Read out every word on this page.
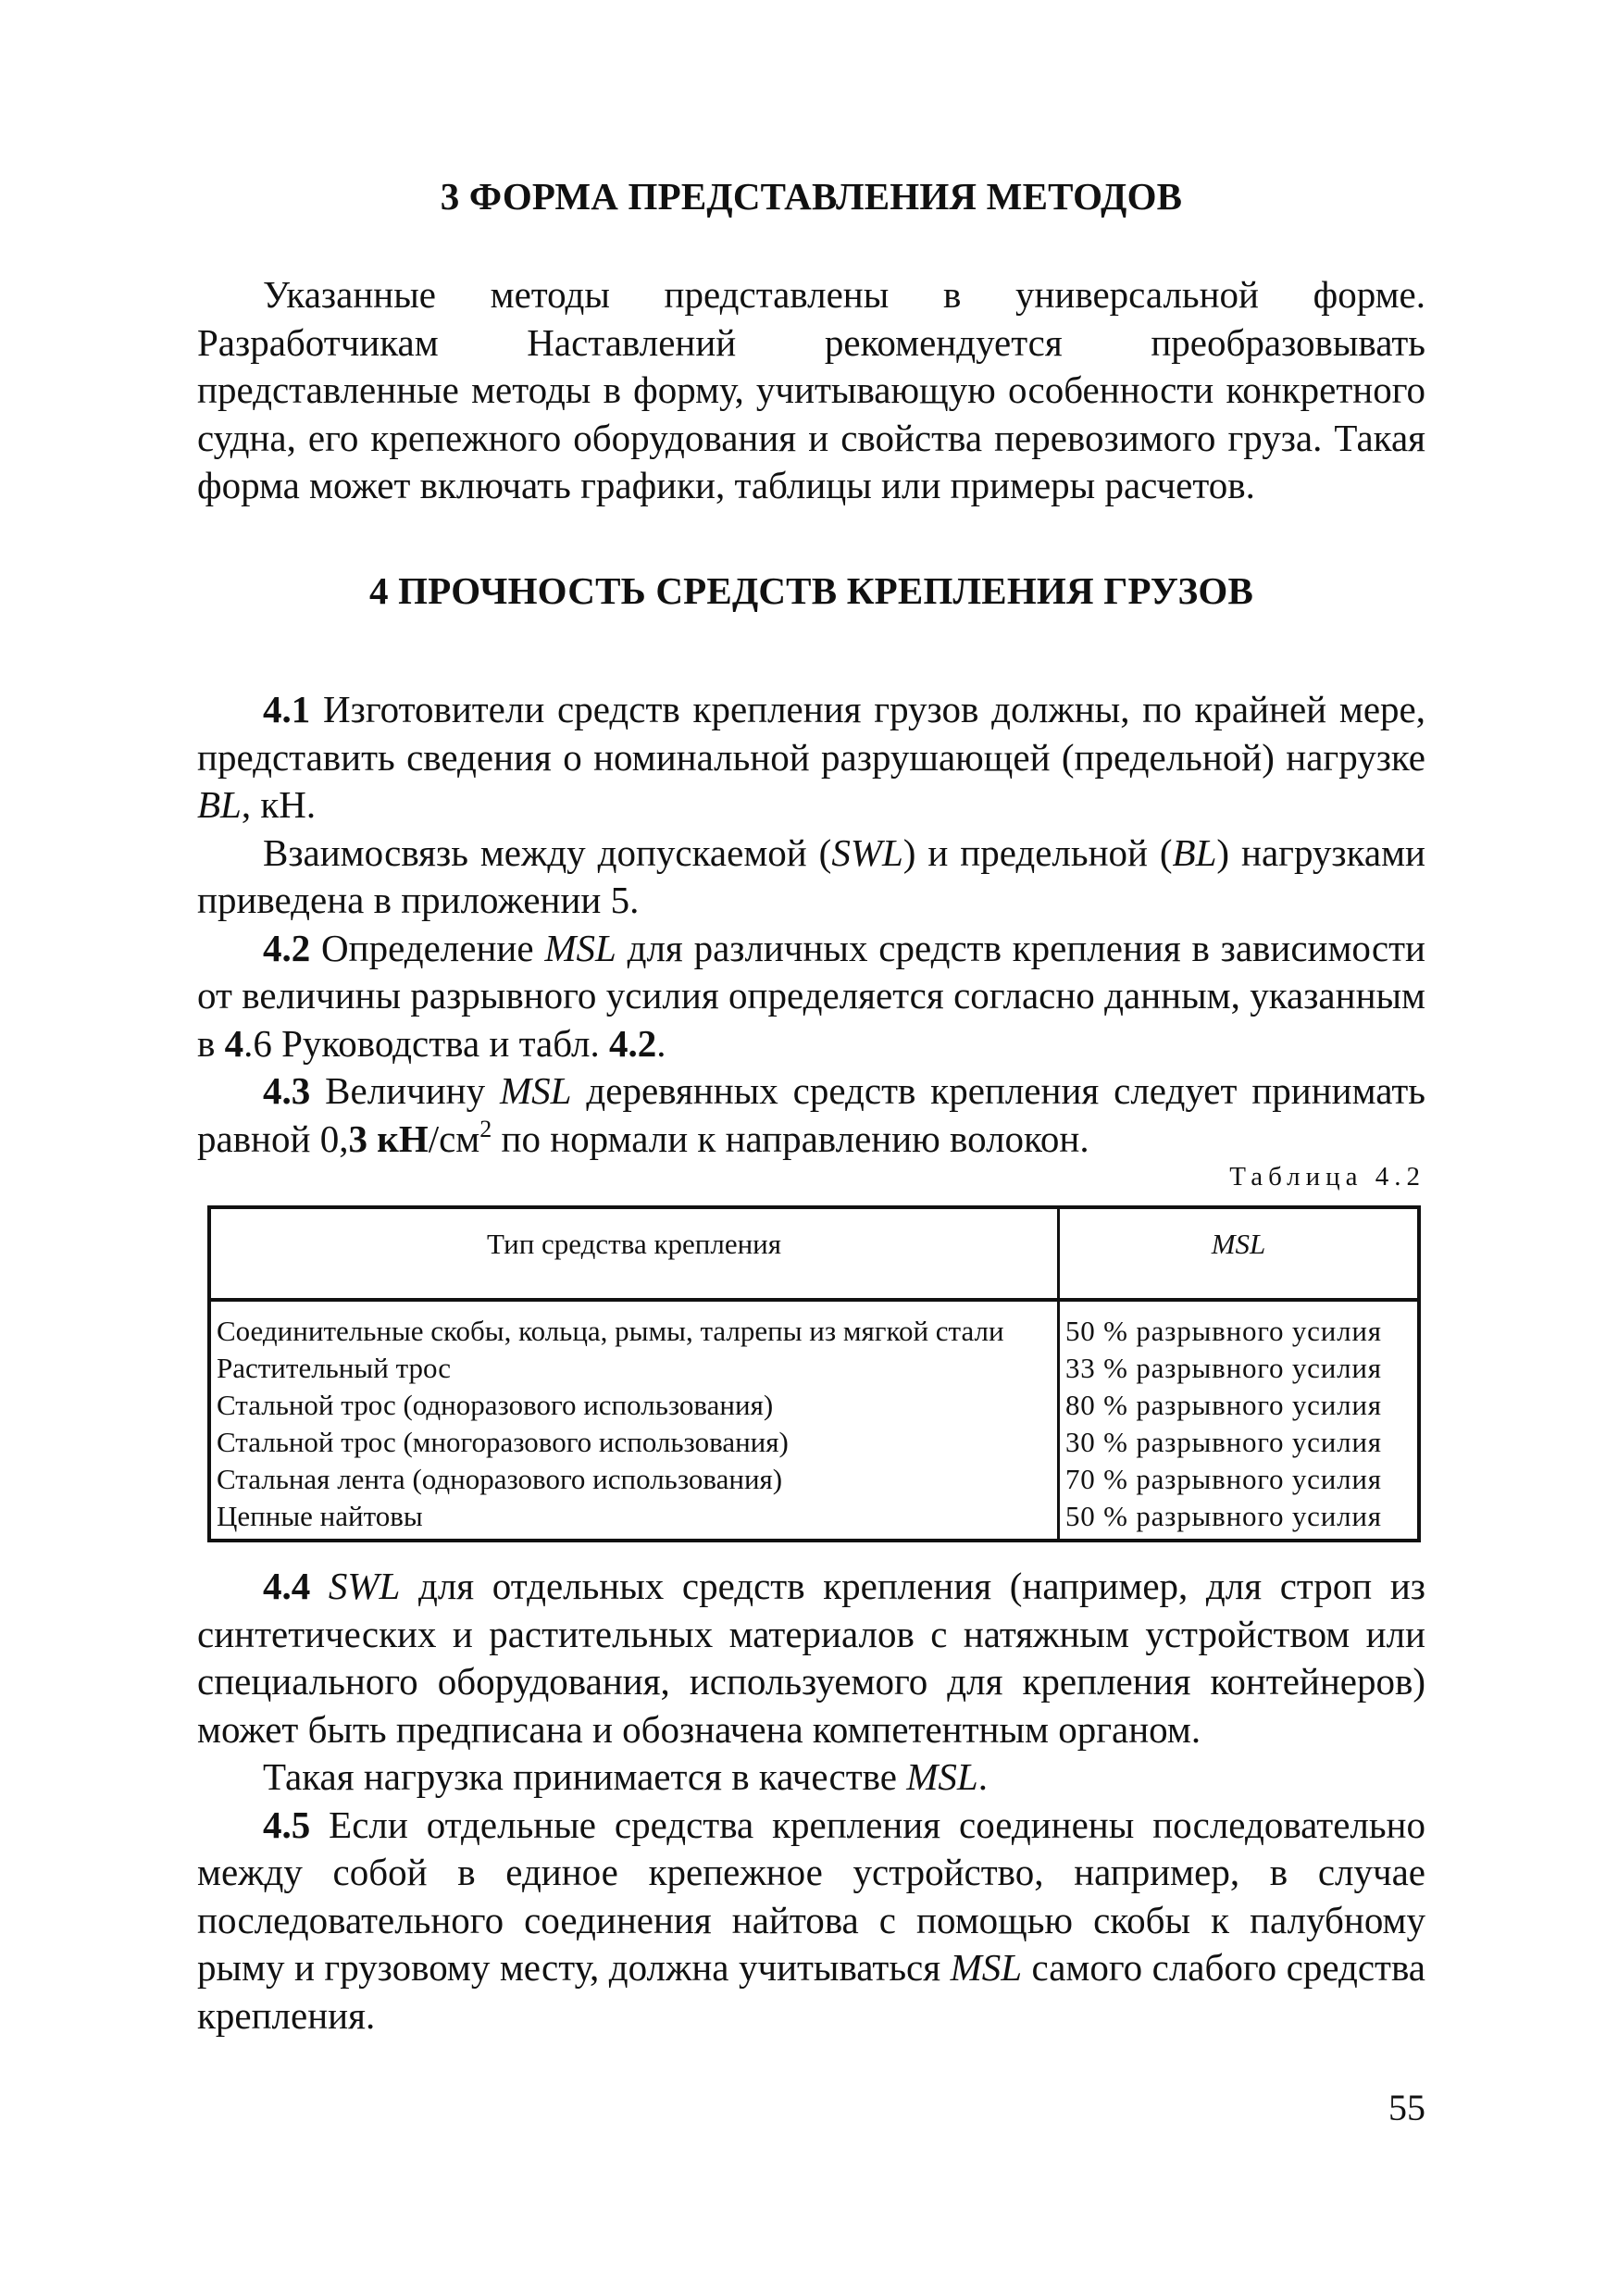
3 ФОРМА ПРЕДСТАВЛЕНИЯ МЕТОДОВ

Указанные методы представлены в универсальной форме. Разработчикам Наставлений рекомендуется преобразовывать представленные методы в форму, учитывающую особенности конкретного судна, его крепежного оборудования и свойства перевозимого груза. Такая форма может включать графики, таблицы или примеры расчетов.

4 ПРОЧНОСТЬ СРЕДСТВ КРЕПЛЕНИЯ ГРУЗОВ

4.1 Изготовители средств крепления грузов должны, по крайней мере, представить сведения о номинальной разрушающей (предельной) нагрузке BL, кН.

Взаимосвязь между допускаемой (SWL) и предельной (BL) нагрузками приведена в приложении 5.

4.2 Определение MSL для различных средств крепления в зависимости от величины разрывного усилия определяется согласно данным, указанным в 4.6 Руководства и табл. 4.2.

4.3 Величину MSL деревянных средств крепления следует принимать равной 0,3 $кН/см^2$ по нормали к направлению волокон.

Таблица 4.2
Тип средства крепления	MSL
Соединительные скобы, кольца, рымы, талрепы из мягкой стали	50 % разрывного усилия
Растительный трос	33 % разрывного усилия
Стальной трос (одноразового использования)	80 % разрывного усилия
Стальной трос (многоразового использования)	30 % разрывного усилия
Стальная лента (одноразового использования)	70 % разрывного усилия
Цепные найтовы	50 % разрывного усилия

4.4 SWL для отдельных средств крепления (например, для строп из синтетических и растительных материалов с натяжным устройством или специального оборудования, используемого для крепления контейнеров) может быть предписана и обозначена компетентным органом.

Такая нагрузка принимается в качестве MSL.

4.5 Если отдельные средства крепления соединены последовательно между собой в единое крепежное устройство, например, в случае последовательного соединения найтова с помощью скобы к палубному рыму и грузовому месту, должна учитываться MSL самого слабого средства крепления.

55
